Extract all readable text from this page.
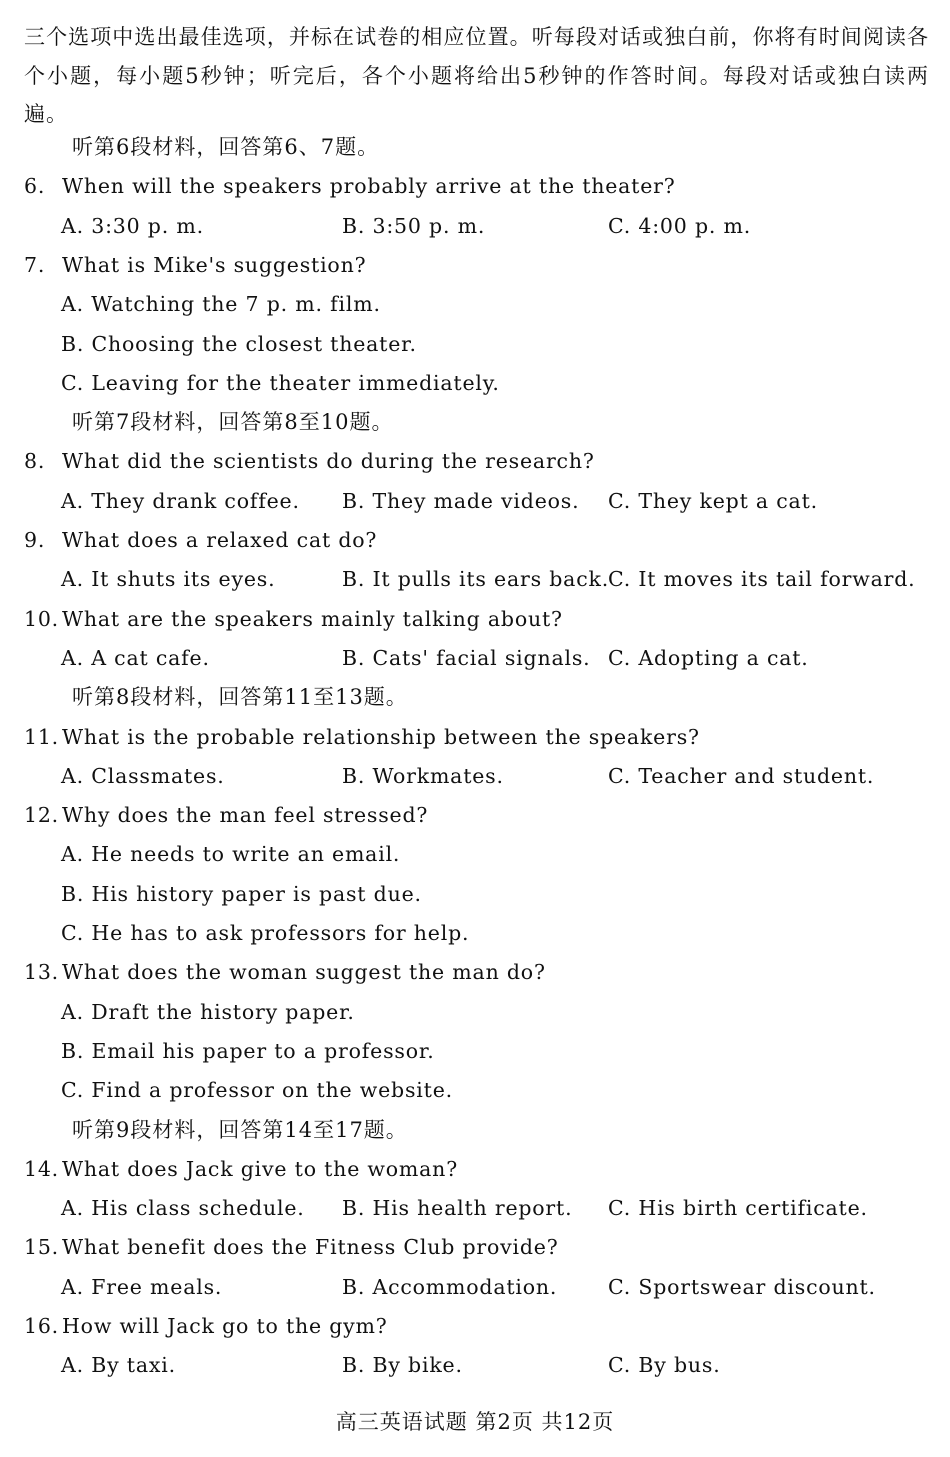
三个选项中选出最佳选项，并标在试卷的相应位置。听每段对话或独白前，你将有时间阅读各个小题，每小题5秒钟；听完后，各个小题将给出5秒钟的作答时间。每段对话或独白读两遍。
听第6段材料，回答第6、7题。
6. When will the speakers probably arrive at the theater?
A. 3:30 p. m.	B. 3:50 p. m.	C. 4:00 p. m.
7. What is Mike's suggestion?
A. Watching the 7 p. m. film.
B. Choosing the closest theater.
C. Leaving for the theater immediately.
听第7段材料，回答第8至10题。
8. What did the scientists do during the research?
A. They drank coffee. B. They made videos. C. They kept a cat.
9. What does a relaxed cat do?
A. It shuts its eyes.	B. It pulls its ears back.
C. It moves its tail forward.
10. What are the speakers mainly talking about?
A. A cat cafe.	B. Cats' facial signals. C. Adopting a cat.
听第8段材料，回答第11至13题。
11. What is the probable relationship between the speakers?
A. Classmates.	B. Workmates.	C. Teacher and student.
12. Why does the man feel stressed?
A. He needs to write an email.
B. His history paper is past due.
C. He has to ask professors for help.
13. What does the woman suggest the man do?
A. Draft the history paper.
B. Email his paper to a professor.
C. Find a professor on the website.
听第9段材料，回答第14至17题。
14. What does Jack give to the woman?
A. His class schedule. B. His health report. C. His birth certificate.
15. What benefit does the Fitness Club provide?
A. Free meals.	B. Accommodation. C. Sportswear discount.
16. How will Jack go to the gym?
A. By taxi.	B. By bike.	C. By bus.
高三英语试题 第2页 共12页
